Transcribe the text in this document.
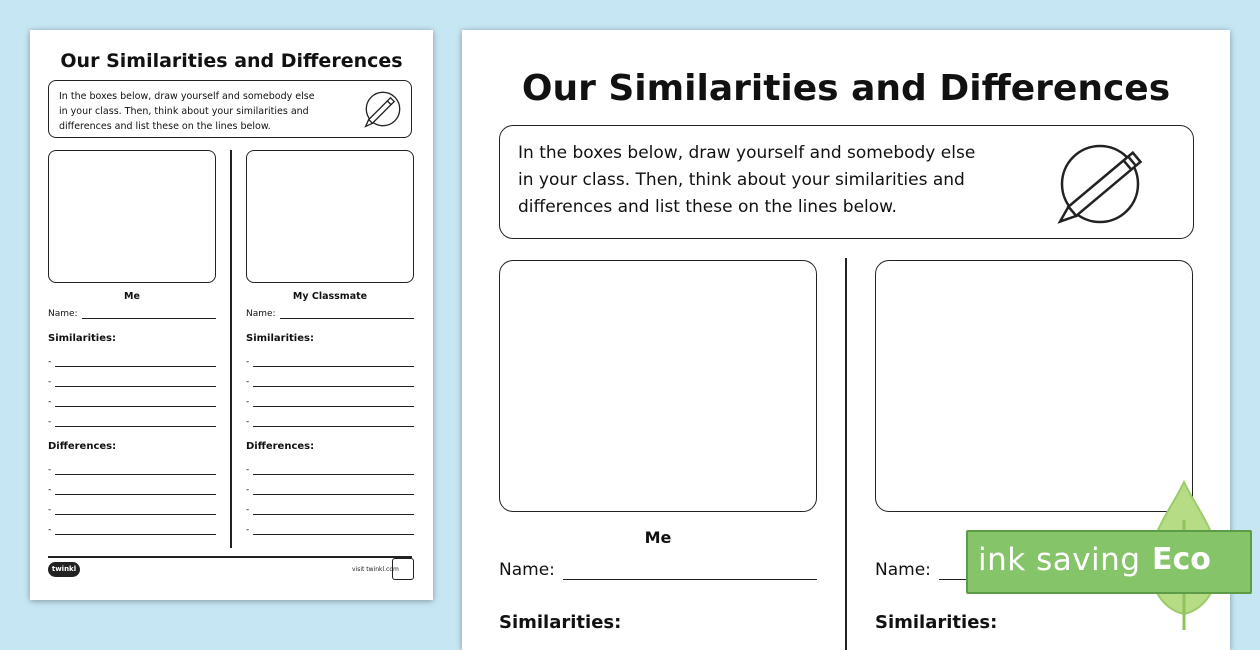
Our Similarities and Differences
In the boxes below, draw yourself and somebody else
in your class. Then, think about your similarities and
differences and list these on the lines below.
Me
Name:
Similarities:
-
-
-
-
Differences:
-
-
-
-
My Classmate
Name:
Similarities:
-
-
-
-
Differences:
-
-
-
-
twinkl	visit twinkl.com
Our Similarities and Differences
In the boxes below, draw yourself and somebody else
in your class. Then, think about your similarities and
differences and list these on the lines below.
Me
Name:	Name:
Similarities:	Similarities:
ink saving Eco
